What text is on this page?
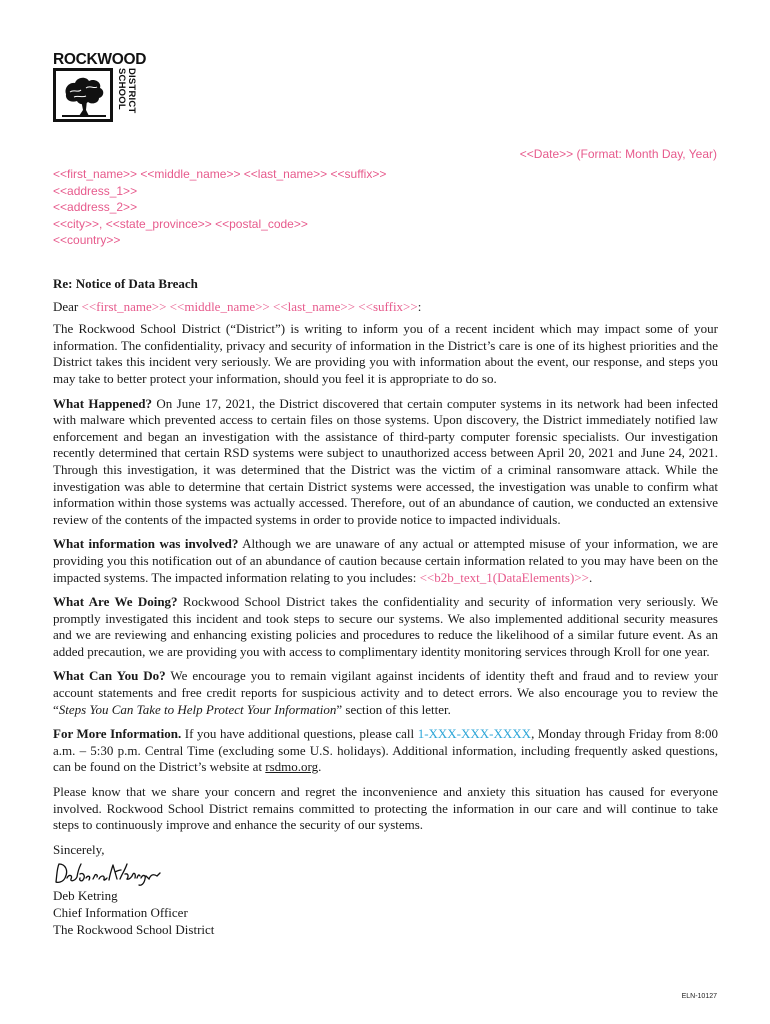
ROCKWOOD
SCHOOL DISTRICT
<<Date>> (Format: Month Day, Year)
<<first_name>> <<middle_name>> <<last_name>> <<suffix>>
<<address_1>>
<<address_2>>
<<city>>, <<state_province>> <<postal_code>>
<<country>>

Re: Notice of Data Breach

Dear <<first_name>> <<middle_name>> <<last_name>> <<suffix>>:

The Rockwood School District (“District”) is writing to inform you of a recent incident which may impact some of your information. The confidentiality, privacy and security of information in the District’s care is one of its highest priorities and the District takes this incident very seriously. We are providing you with information about the event, our response, and steps you may take to better protect your information, should you feel it is appropriate to do so.

What Happened? On June 17, 2021, the District discovered that certain computer systems in its network had been infected with malware which prevented access to certain files on those systems. Upon discovery, the District immediately notified law enforcement and began an investigation with the assistance of third-party computer forensic specialists. Our investigation recently determined that certain RSD systems were subject to unauthorized access between April 20, 2021 and June 24, 2021. Through this investigation, it was determined that the District was the victim of a criminal ransomware attack. While the investigation was able to determine that certain District systems were accessed, the investigation was unable to confirm what information within those systems was actually accessed. Therefore, out of an abundance of caution, we conducted an extensive review of the contents of the impacted systems in order to provide notice to impacted individuals.

What information was involved? Although we are unaware of any actual or attempted misuse of your information, we are providing you this notification out of an abundance of caution because certain information related to you may have been on the impacted systems. The impacted information relating to you includes: <<b2b_text_1(DataElements)>>.

What Are We Doing? Rockwood School District takes the confidentiality and security of information very seriously. We promptly investigated this incident and took steps to secure our systems. We also implemented additional security measures and we are reviewing and enhancing existing policies and procedures to reduce the likelihood of a similar future event. As an added precaution, we are providing you with access to complimentary identity monitoring services through Kroll for one year.

What Can You Do? We encourage you to remain vigilant against incidents of identity theft and fraud and to review your account statements and free credit reports for suspicious activity and to detect errors. We also encourage you to review the “Steps You Can Take to Help Protect Your Information” section of this letter.

For More Information. If you have additional questions, please call 1-XXX-XXX-XXXX, Monday through Friday from 8:00 a.m. – 5:30 p.m. Central Time (excluding some U.S. holidays). Additional information, including frequently asked questions, can be found on the District’s website at rsdmo.org.

Please know that we share your concern and regret the inconvenience and anxiety this situation has caused for everyone involved. Rockwood School District remains committed to protecting the information in our care and will continue to take steps to continuously improve and enhance the security of our systems.

Sincerely,
Deb Ketring
Chief Information Officer
The Rockwood School District
ELN-10127
